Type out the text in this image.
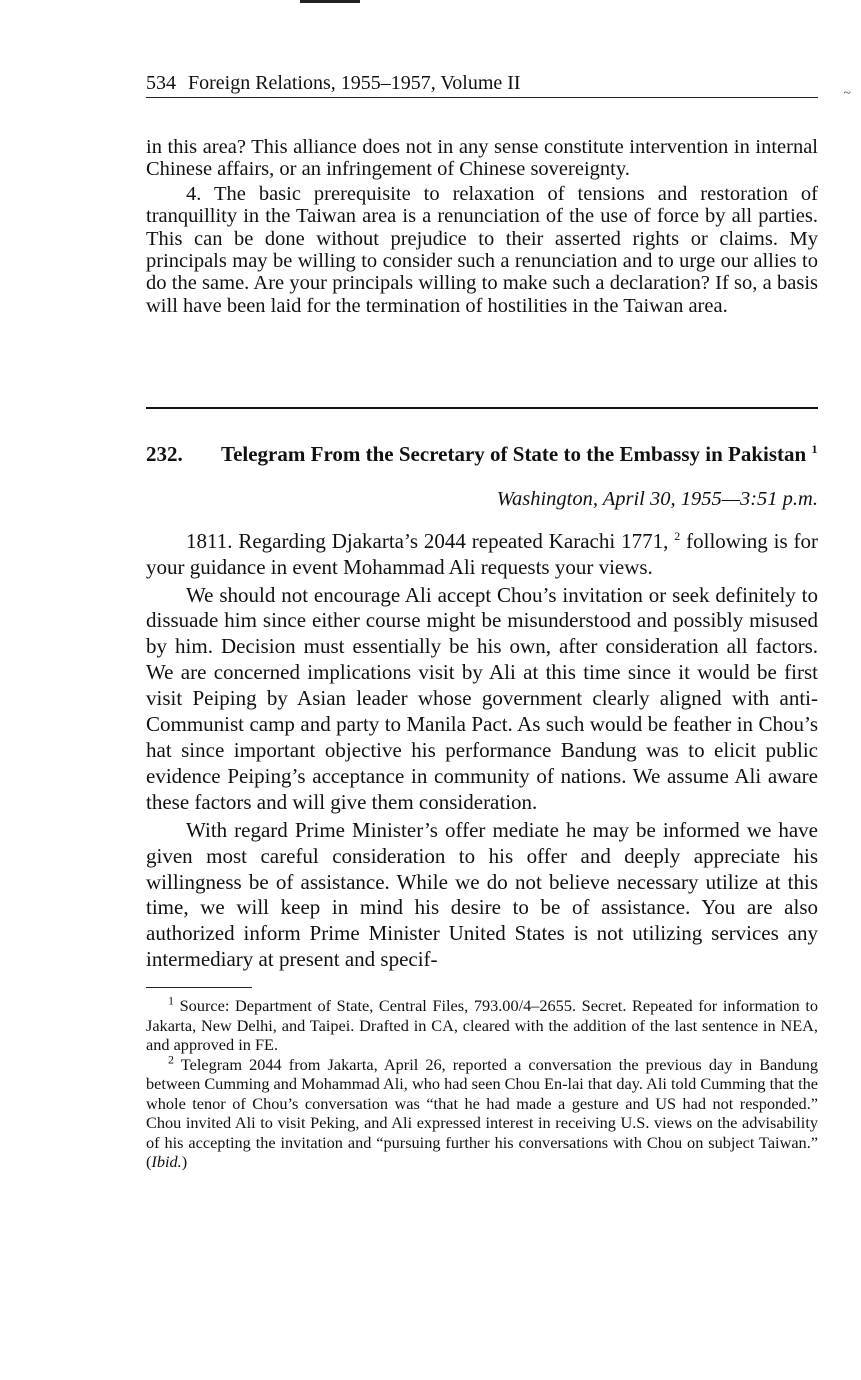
~
534 Foreign Relations, 1955–1957, Volume II

in this area? This alliance does not in any sense constitute intervention in internal Chinese affairs, or an infringement of Chinese sovereignty.

4. The basic prerequisite to relaxation of tensions and restoration of tranquillity in the Taiwan area is a renunciation of the use of force by all parties. This can be done without prejudice to their asserted rights or claims. My principals may be willing to consider such a renunciation and to urge our allies to do the same. Are your principals willing to make such a declaration? If so, a basis will have been laid for the termination of hostilities in the Taiwan area.

232.	Telegram From the Secretary of State to the Embassy in Pakistan $^1$
Washington, April 30, 1955—3:51 p.m.

1811. Regarding Djakarta’s 2044 repeated Karachi 1771, $^2$ following is for your guidance in event Mohammad Ali requests your views.

We should not encourage Ali accept Chou’s invitation or seek definitely to dissuade him since either course might be misunderstood and possibly misused by him. Decision must essentially be his own, after consideration all factors. We are concerned implications visit by Ali at this time since it would be first visit Peiping by Asian leader whose government clearly aligned with anti-Communist camp and party to Manila Pact. As such would be feather in Chou’s hat since important objective his performance Bandung was to elicit public evidence Peiping’s acceptance in community of nations. We assume Ali aware these factors and will give them consideration.

With regard Prime Minister’s offer mediate he may be informed we have given most careful consideration to his offer and deeply appreciate his willingness be of assistance. While we do not believe necessary utilize at this time, we will keep in mind his desire to be of assistance. You are also authorized inform Prime Minister United States is not utilizing services any intermediary at present and specif-

$^1$ Source: Department of State, Central Files, 793.00/4–2655. Secret. Repeated for information to Jakarta, New Delhi, and Taipei. Drafted in CA, cleared with the addition of the last sentence in NEA, and approved in FE.

$^2$ Telegram 2044 from Jakarta, April 26, reported a conversation the previous day in Bandung between Cumming and Mohammad Ali, who had seen Chou En-lai that day. Ali told Cumming that the whole tenor of Chou’s conversation was “that he had made a gesture and US had not responded.” Chou invited Ali to visit Peking, and Ali expressed interest in receiving U.S. views on the advisability of his accepting the invitation and “pursuing further his conversations with Chou on subject Taiwan.” (Ibid.)
